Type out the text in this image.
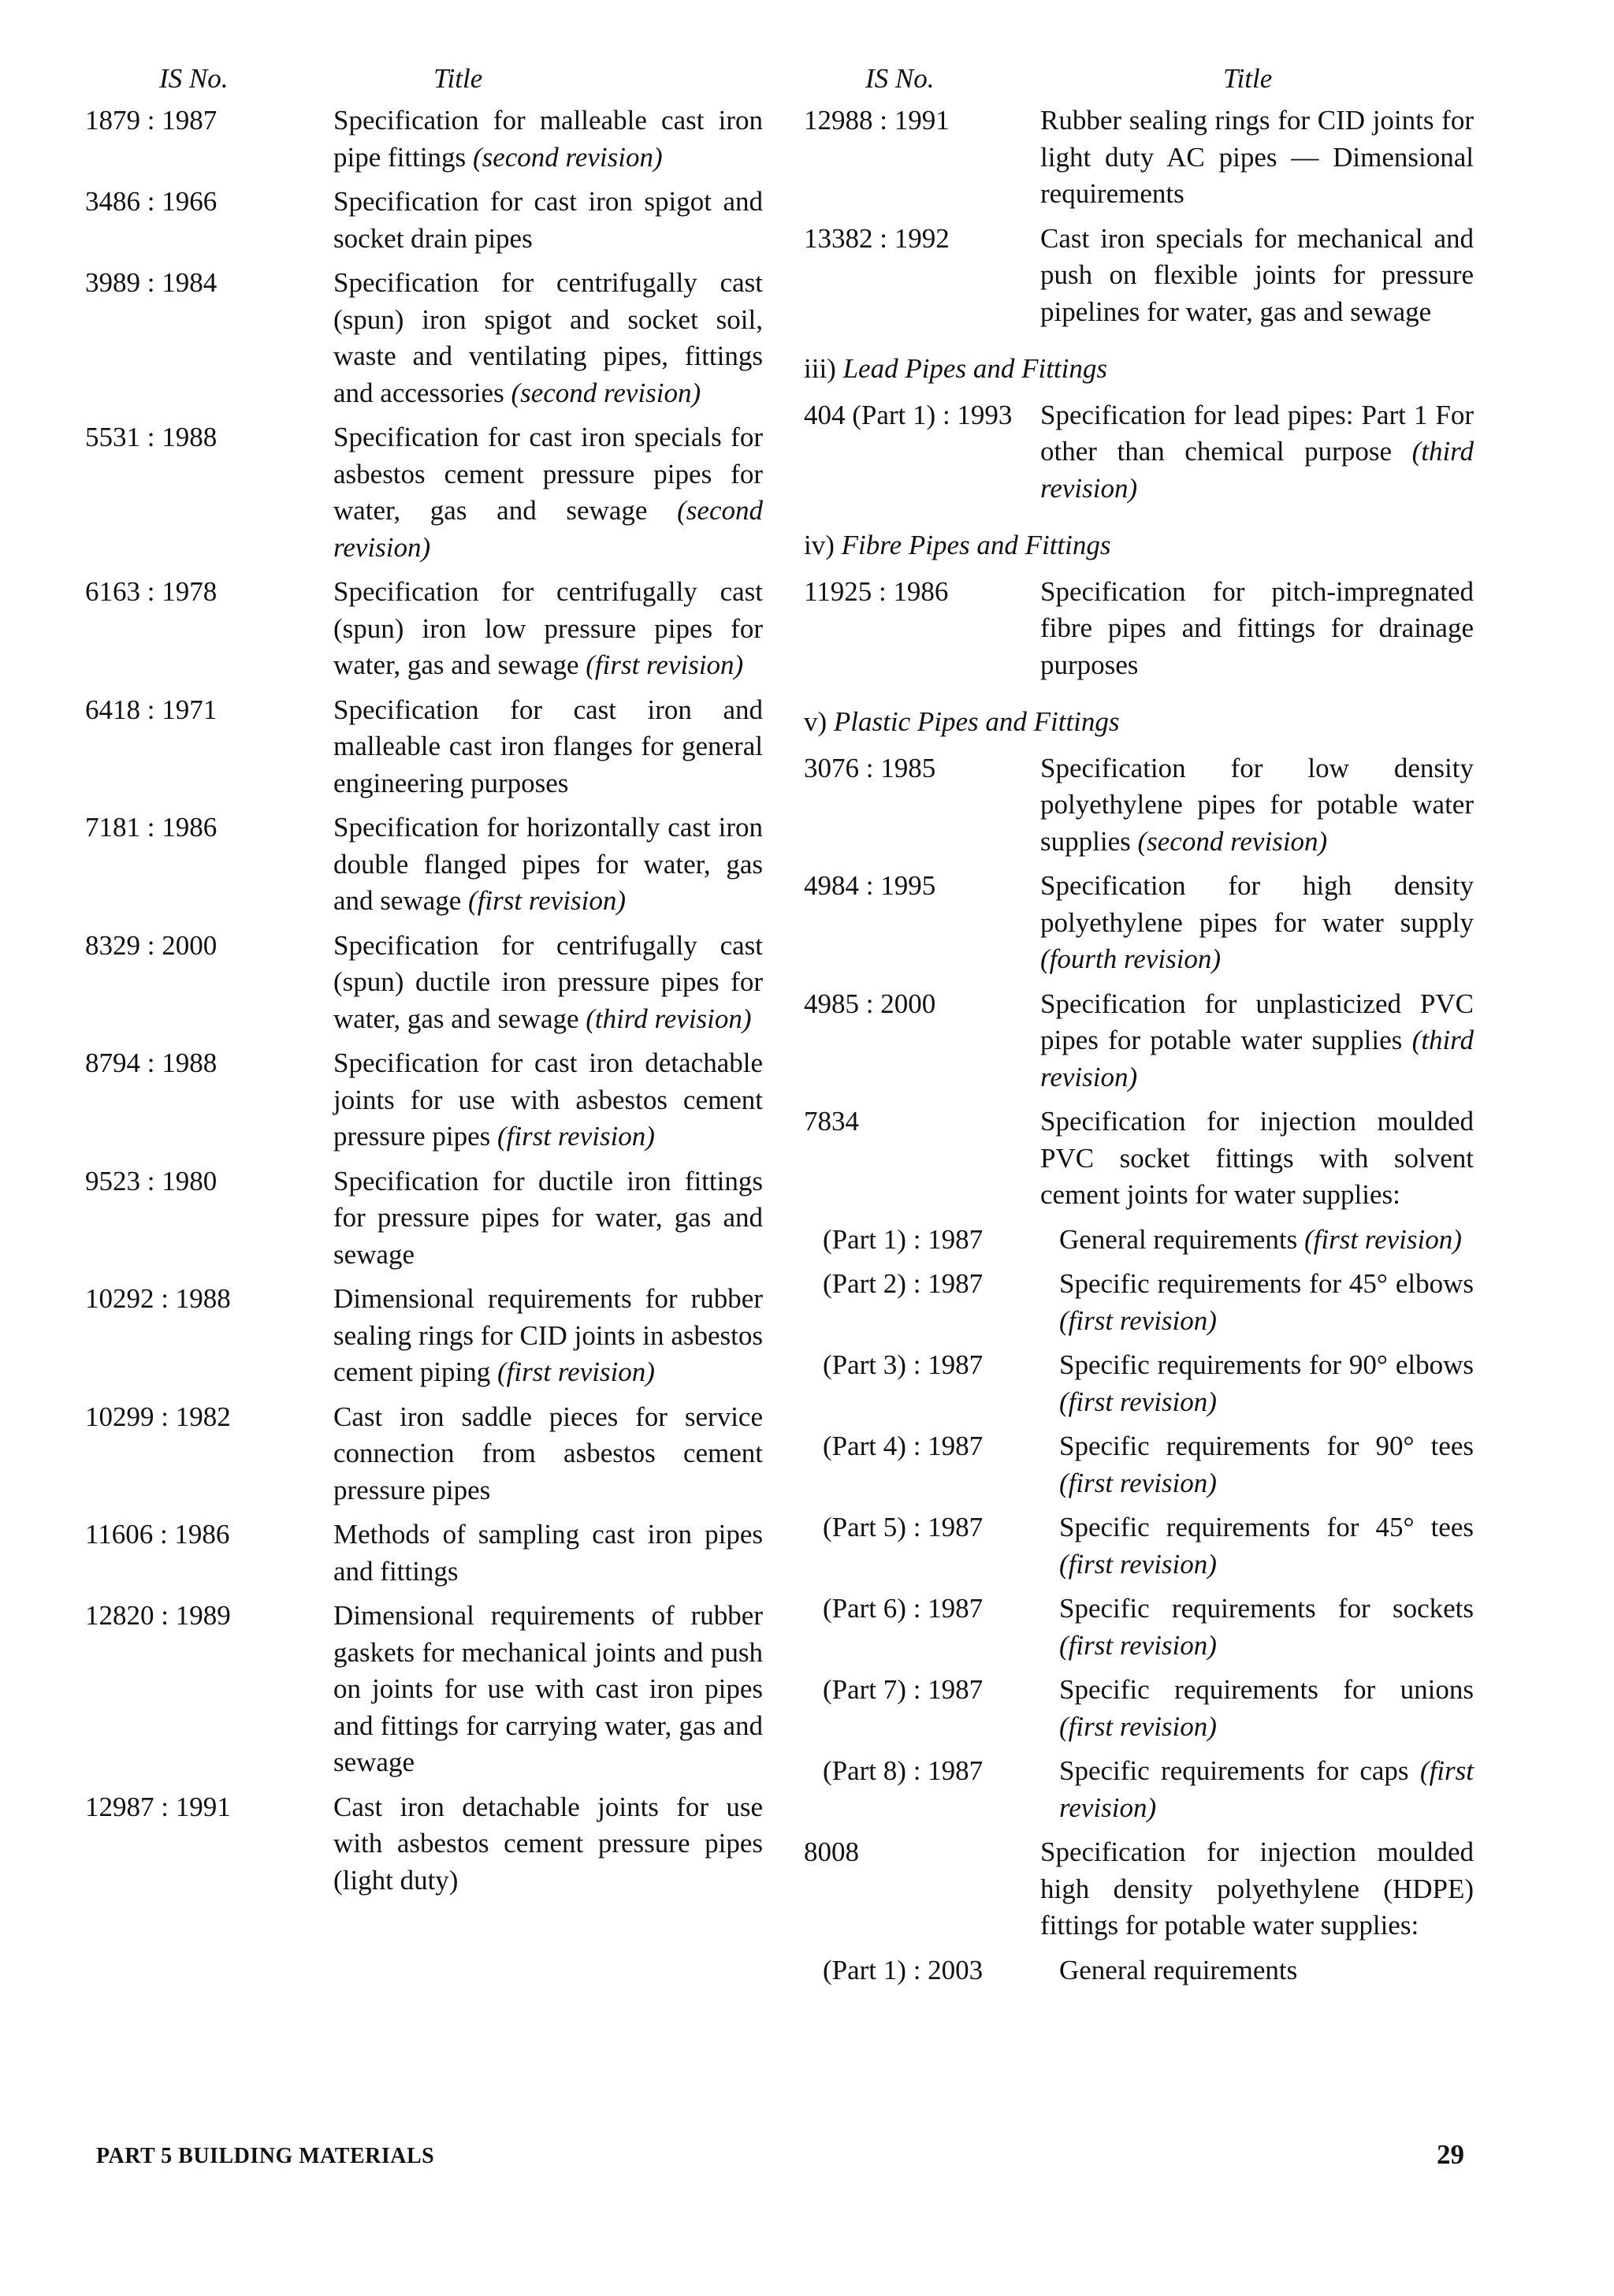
IS No.	Title
1879 : 1987	Specification for malleable cast iron pipe fittings (second revision)
3486 : 1966	Specification for cast iron spigot and socket drain pipes
3989 : 1984	Specification for centrifugally cast (spun) iron spigot and socket soil, waste and ventilating pipes, fittings and accessories (second revision)
5531 : 1988	Specification for cast iron specials for asbestos cement pressure pipes for water, gas and sewage (second revision)
6163 : 1978	Specification for centrifugally cast (spun) iron low pressure pipes for water, gas and sewage (first revision)
6418 : 1971	Specification for cast iron and malleable cast iron flanges for general engineering purposes
7181 : 1986	Specification for horizontally cast iron double flanged pipes for water, gas and sewage (first revision)
8329 : 2000	Specification for centrifugally cast (spun) ductile iron pressure pipes for water, gas and sewage (third revision)
8794 : 1988	Specification for cast iron detachable joints for use with asbestos cement pressure pipes (first revision)
9523 : 1980	Specification for ductile iron fittings for pressure pipes for water, gas and sewage
10292 : 1988	Dimensional requirements for rubber sealing rings for CID joints in asbestos cement piping (first revision)
10299 : 1982	Cast iron saddle pieces for service connection from asbestos cement pressure pipes
11606 : 1986	Methods of sampling cast iron pipes and fittings
12820 : 1989	Dimensional requirements of rubber gaskets for mechanical joints and push on joints for use with cast iron pipes and fittings for carrying water, gas and sewage
12987 : 1991	Cast iron detachable joints for use with asbestos cement pressure pipes (light duty)
IS No.	Title
12988 : 1991	Rubber sealing rings for CID joints for light duty AC pipes — Dimensional requirements
13382 : 1992	Cast iron specials for mechanical and push on flexible joints for pressure pipelines for water, gas and sewage
iii) Lead Pipes and Fittings
404 (Part 1) : 1993	Specification for lead pipes: Part 1 For other than chemical purpose (third revision)
iv) Fibre Pipes and Fittings
11925 : 1986	Specification for pitch-impregnated fibre pipes and fittings for drainage purposes
v) Plastic Pipes and Fittings
3076 : 1985	Specification for low density polyethylene pipes for potable water supplies (second revision)
4984 : 1995	Specification for high density polyethylene pipes for water supply (fourth revision)
4985 : 2000	Specification for unplasticized PVC pipes for potable water supplies (third revision)
7834	Specification for injection moulded PVC socket fittings with solvent cement joints for water supplies:
(Part 1) : 1987	General requirements (first revision)
(Part 2) : 1987	Specific requirements for 45° elbows (first revision)
(Part 3) : 1987	Specific requirements for 90° elbows (first revision)
(Part 4) : 1987	Specific requirements for 90° tees (first revision)
(Part 5) : 1987	Specific requirements for 45° tees (first revision)
(Part 6) : 1987	Specific requirements for sockets (first revision)
(Part 7) : 1987	Specific requirements for unions (first revision)
(Part 8) : 1987	Specific requirements for caps (first revision)
8008	Specification for injection moulded high density polyethylene (HDPE) fittings for potable water supplies:
(Part 1) : 2003	General requirements
PART 5 BUILDING MATERIALS	29
